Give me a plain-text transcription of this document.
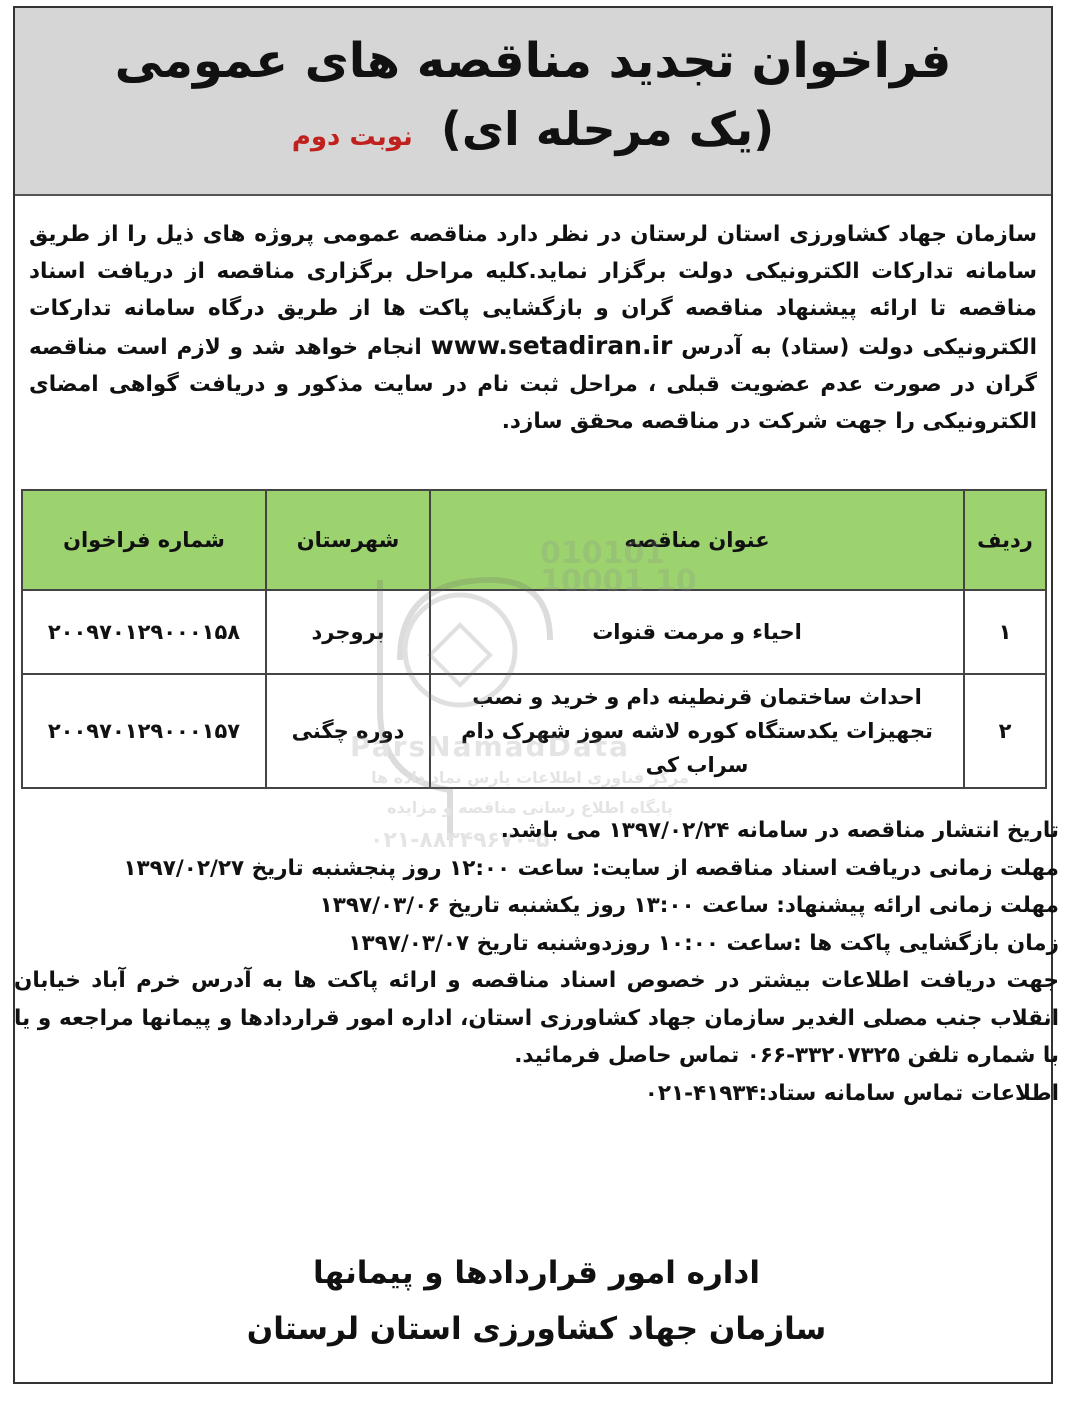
فراخوان تجدید مناقصه های عمومی
(یک مرحله ای) نوبت دوم
سازمان جهاد کشاورزی استان لرستان در نظر دارد مناقصه عمومی پروژه های ذیل را از طریق سامانه تدارکات الکترونیکی دولت برگزار نماید.کلیه مراحل برگزاری مناقصه از دریافت اسناد مناقصه تا ارائه پیشنهاد مناقصه گران و بازگشایی پاکت ها از طریق درگاه سامانه تدارکات الکترونیکی دولت (ستاد) به آدرس www.setadiran.ir انجام خواهد شد و لازم است مناقصه گران در صورت عدم عضویت قبلی ، مراحل ثبت نام در سایت مذکور و دریافت گواهی امضای الکترونیکی را جهت شرکت در مناقصه محقق سازد.
ردیف	عنوان مناقصه	شهرستان	شماره فراخوان
۱	احیاء و مرمت قنوات	بروجرد	۲۰۰۹۷۰۱۲۹۰۰۰۱۵۸
۲	احداث ساختمان قرنطینه دام و خرید و نصب تجهیزات یکدستگاه کوره لاشه سوز شهرک دام سراب کی	دوره چگنی	۲۰۰۹۷۰۱۲۹۰۰۰۱۵۷
010101 10001 10
ParsNamadData
مرکز فناوری اطلاعات پارس نماد داده ها
پایگاه اطلاع رسانی مناقصه و مزایده
۰۲۱-۸۸۳۴۹۶۷۰-۵

تاریخ انتشار مناقصه در سامانه ۱۳۹۷/۰۲/۲۴ می باشد.

مهلت زمانی دریافت اسناد مناقصه از سایت: ساعت ۱۲:۰۰ روز پنجشنبه تاریخ ۱۳۹۷/۰۲/۲۷

مهلت زمانی ارائه پیشنهاد: ساعت ۱۳:۰۰ روز یکشنبه تاریخ ۱۳۹۷/۰۳/۰۶

زمان بازگشایی پاکت ها :ساعت ۱۰:۰۰ روزدوشنبه تاریخ ۱۳۹۷/۰۳/۰۷

جهت دریافت اطلاعات بیشتر در خصوص اسناد مناقصه و ارائه پاکت ها به آدرس خرم آباد خیابان انقلاب جنب مصلی الغدیر سازمان جهاد کشاورزی استان، اداره امور قراردادها و پیمانها مراجعه و یا با شماره تلفن ۳۳۲۰۷۳۲۵-۰۶۶ تماس حاصل فرمائید.

اطلاعات تماس سامانه ستاد:۴۱۹۳۴-۰۲۱

اداره امور قراردادها و پیمانها
سازمان جهاد کشاورزی استان لرستان
